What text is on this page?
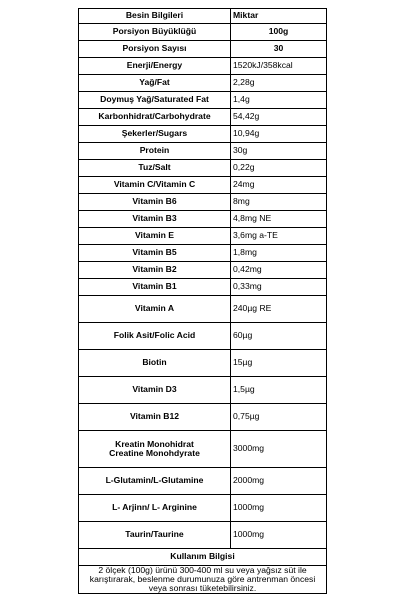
Besin Bilgileri	Miktar
Porsiyon Büyüklüğü	100g
Porsiyon Sayısı	30
Enerji/Energy	1520kJ/358kcal
Yağ/Fat	2,28g
Doymuş Yağ/Saturated Fat	1,4g
Karbonhidrat/Carbohydrate	54,42g
Şekerler/Sugars	10,94g
Protein	30g
Tuz/Salt	0,22g
Vitamin C/Vitamin C	24mg
Vitamin B6	8mg
Vitamin B3	4,8mg NE
Vitamin E	3,6mg a-TE
Vitamin B5	1,8mg
Vitamin B2	0,42mg
Vitamin B1	0,33mg
Vitamin A	240µg RE
Folik Asit/Folic Acid	60µg
Biotin	15µg
Vitamin D3	1,5µg
Vitamin B12	0,75µg
Kreatin Monohidrat
Creatine Monohdyrate	3000mg
L-Glutamin/L-Glutamine	2000mg
L- Arjinn/ L- Arginine	1000mg
Taurin/Taurine	1000mg
Kullanım Bilgisi	
2 ölçek (100g) ürünü 300-400 ml su veya yağsız süt ile karıştırarak, beslenme durumunuza göre antrenman öncesi veya sonrası tüketebilirsiniz.	
